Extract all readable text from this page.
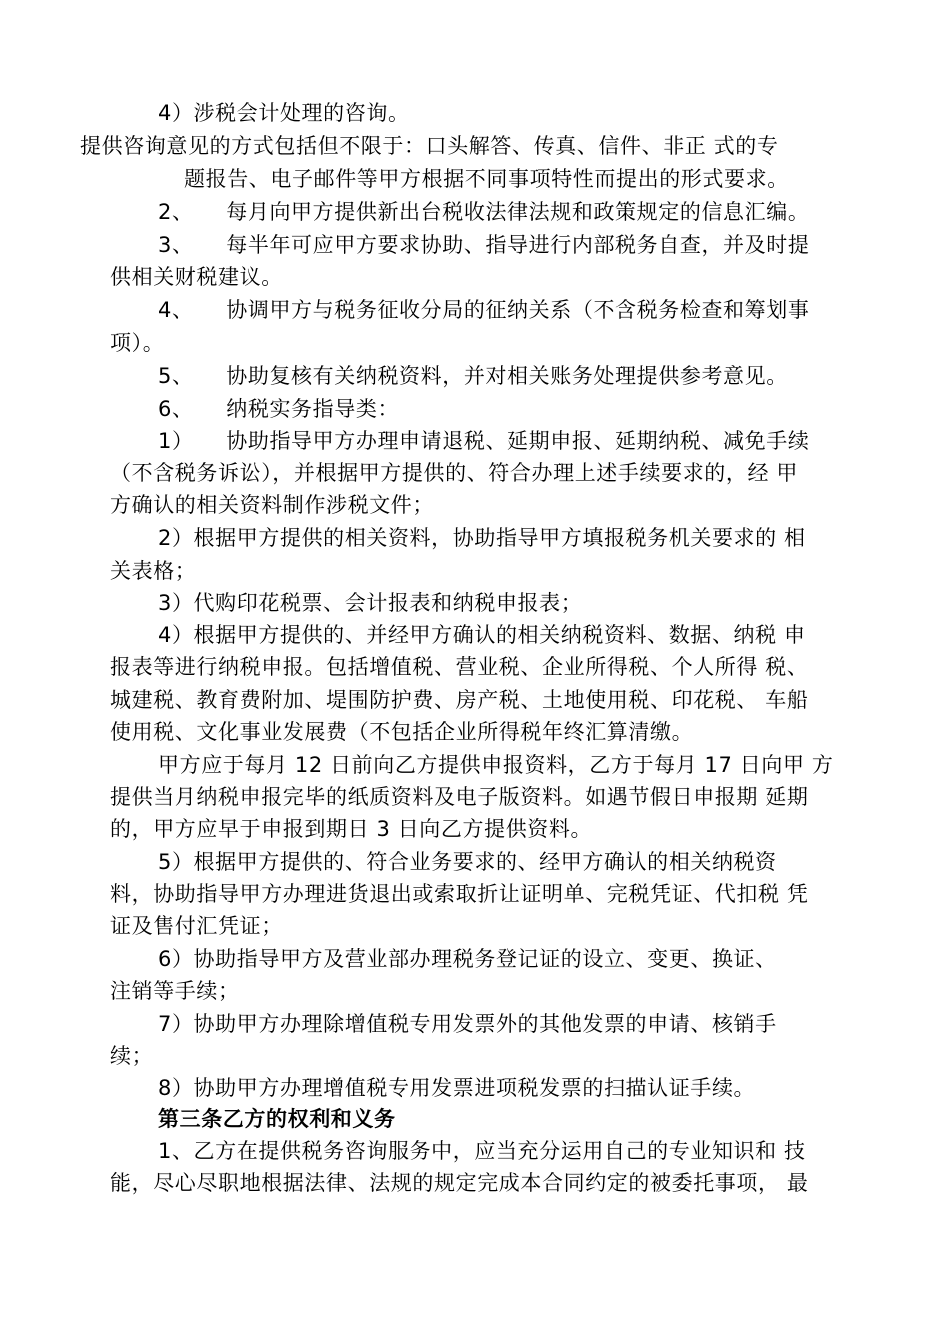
4）涉税会计处理的咨询。
提供咨询意见的方式包括但不限于：口头解答、传真、信件、非正 式的专
题报告、电子邮件等甲方根据不同事项特性而提出的形式要求。
2、　　每月向甲方提供新出台税收法律法规和政策规定的信息汇编。
3、　　每半年可应甲方要求协助、指导进行内部税务自查，并及时提
供相关财税建议。
4、　　协调甲方与税务征收分局的征纳关系（不含税务检查和筹划事
项）。
5、　　协助复核有关纳税资料，并对相关账务处理提供参考意见。
6、　　纳税实务指导类：
1）　　协助指导甲方办理申请退税、延期申报、延期纳税、减免手续
（不含税务诉讼），并根据甲方提供的、符合办理上述手续要求的，经 甲
方确认的相关资料制作涉税文件；
2）根据甲方提供的相关资料，协助指导甲方填报税务机关要求的 相
关表格；
3）代购印花税票、会计报表和纳税申报表；
4）根据甲方提供的、并经甲方确认的相关纳税资料、数据、纳税 申
报表等进行纳税申报。包括增值税、营业税、企业所得税、个人所得 税、
城建税、教育费附加、堤围防护费、房产税、土地使用税、印花税、 车船
使用税、文化事业发展费（不包括企业所得税年终汇算清缴。
甲方应于每月 12 日前向乙方提供申报资料，乙方于每月 17 日向甲 方
提供当月纳税申报完毕的纸质资料及电子版资料。如遇节假日申报期 延期
的，甲方应早于申报到期日 3 日向乙方提供资料。
5）根据甲方提供的、符合业务要求的、经甲方确认的相关纳税资
料，协助指导甲方办理进货退出或索取折让证明单、完税凭证、代扣税 凭
证及售付汇凭证；
6）协助指导甲方及营业部办理税务登记证的设立、变更、换证、
注销等手续；
7）协助甲方办理除增值税专用发票外的其他发票的申请、核销手
续；
8）协助甲方办理增值税专用发票进项税发票的扫描认证手续。
第三条乙方的权利和义务
1、乙方在提供税务咨询服务中，应当充分运用自己的专业知识和 技
能，尽心尽职地根据法律、法规的规定完成本合同约定的被委托事项， 最
